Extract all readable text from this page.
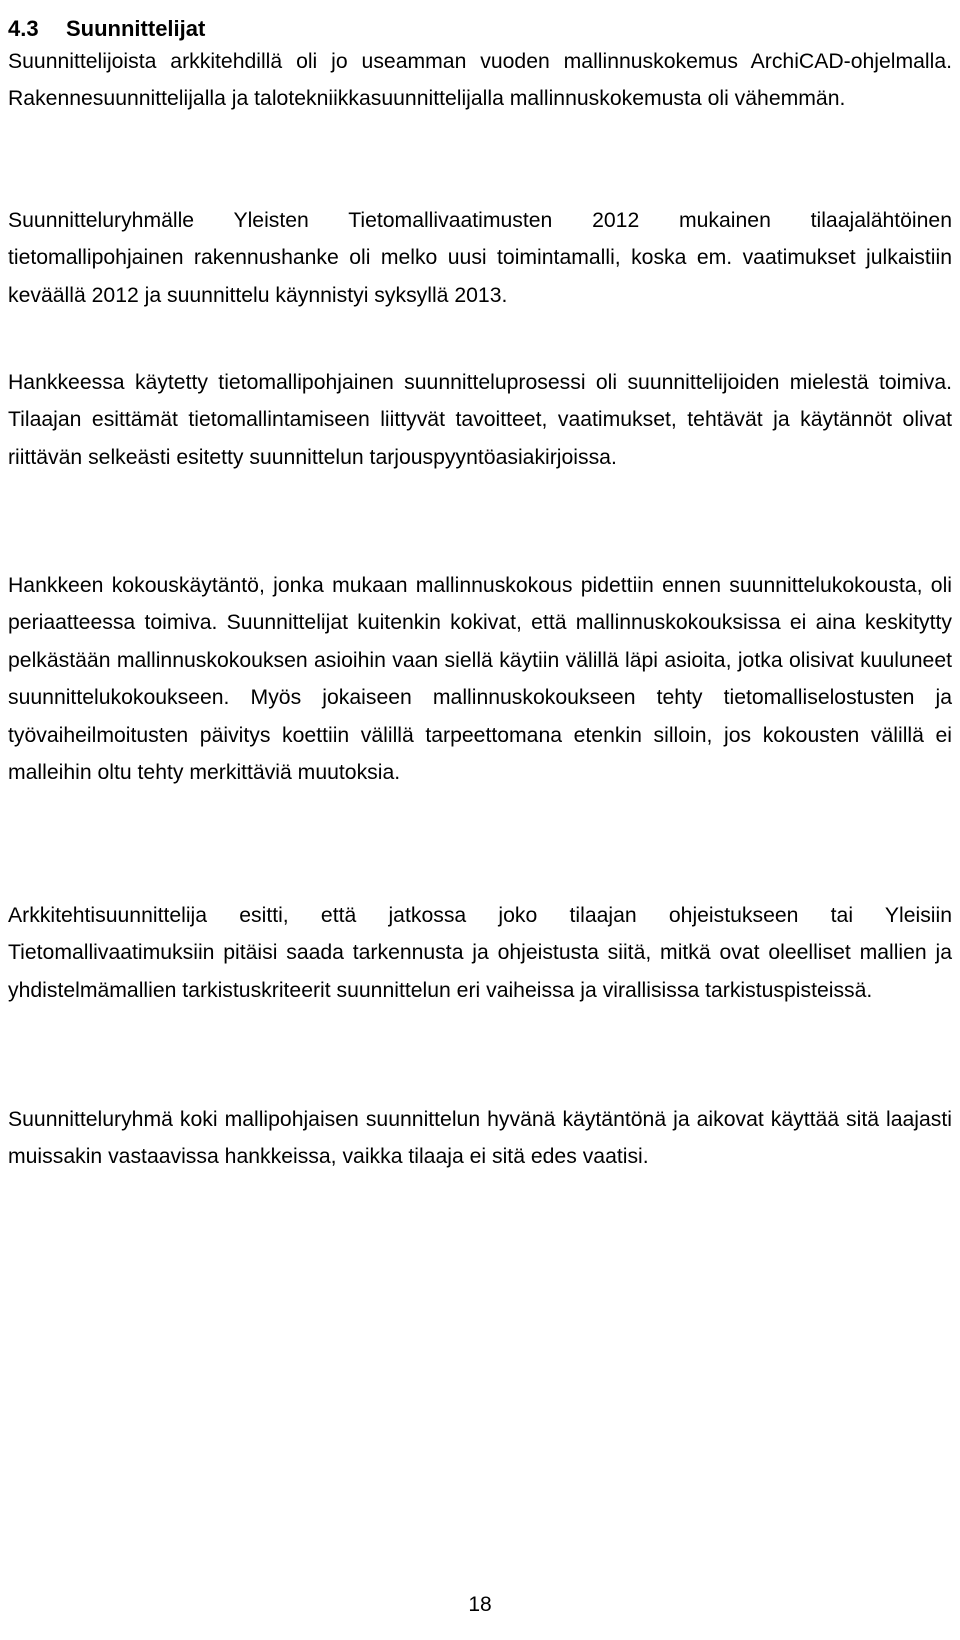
4.3 Suunnittelijat

Suunnittelijoista arkkitehdillä oli jo useamman vuoden mallinnuskokemus ArchiCAD-ohjelmalla. Rakennesuunnittelijalla ja talotekniikkasuunnittelijalla mallinnuskokemusta oli vähemmän.

Suunnitteluryhmälle Yleisten Tietomallivaatimusten 2012 mukainen tilaajalähtöinen tietomallipohjainen rakennushanke oli melko uusi toimintamalli, koska em. vaatimukset julkaistiin keväällä 2012 ja suunnittelu käynnistyi syksyllä 2013.

Hankkeessa käytetty tietomallipohjainen suunnitteluprosessi oli suunnittelijoiden mielestä toimiva. Tilaajan esittämät tietomallintamiseen liittyvät tavoitteet, vaatimukset, tehtävät ja käytännöt olivat riittävän selkeästi esitetty suunnittelun tarjouspyyntöasiakirjoissa.

Hankkeen kokouskäytäntö, jonka mukaan mallinnuskokous pidettiin ennen suunnittelukokousta, oli periaatteessa toimiva. Suunnittelijat kuitenkin kokivat, että mallinnuskokouksissa ei aina keskitytty pelkästään mallinnuskokouksen asioihin vaan siellä käytiin välillä läpi asioita, jotka olisivat kuuluneet suunnittelukokoukseen. Myös jokaiseen mallinnuskokoukseen tehty tietomalliselostusten ja työvaiheilmoitusten päivitys koettiin välillä tarpeettomana etenkin silloin, jos kokousten välillä ei malleihin oltu tehty merkittäviä muutoksia.

Arkkitehtisuunnittelija esitti, että jatkossa joko tilaajan ohjeistukseen tai Yleisiin Tietomallivaatimuksiin pitäisi saada tarkennusta ja ohjeistusta siitä, mitkä ovat oleelliset mallien ja yhdistelmämallien tarkistuskriteerit suunnittelun eri vaiheissa ja virallisissa tarkistuspisteissä.

Suunnitteluryhmä koki mallipohjaisen suunnittelun hyvänä käytäntönä ja aikovat käyttää sitä laajasti muissakin vastaavissa hankkeissa, vaikka tilaaja ei sitä edes vaatisi.

18
